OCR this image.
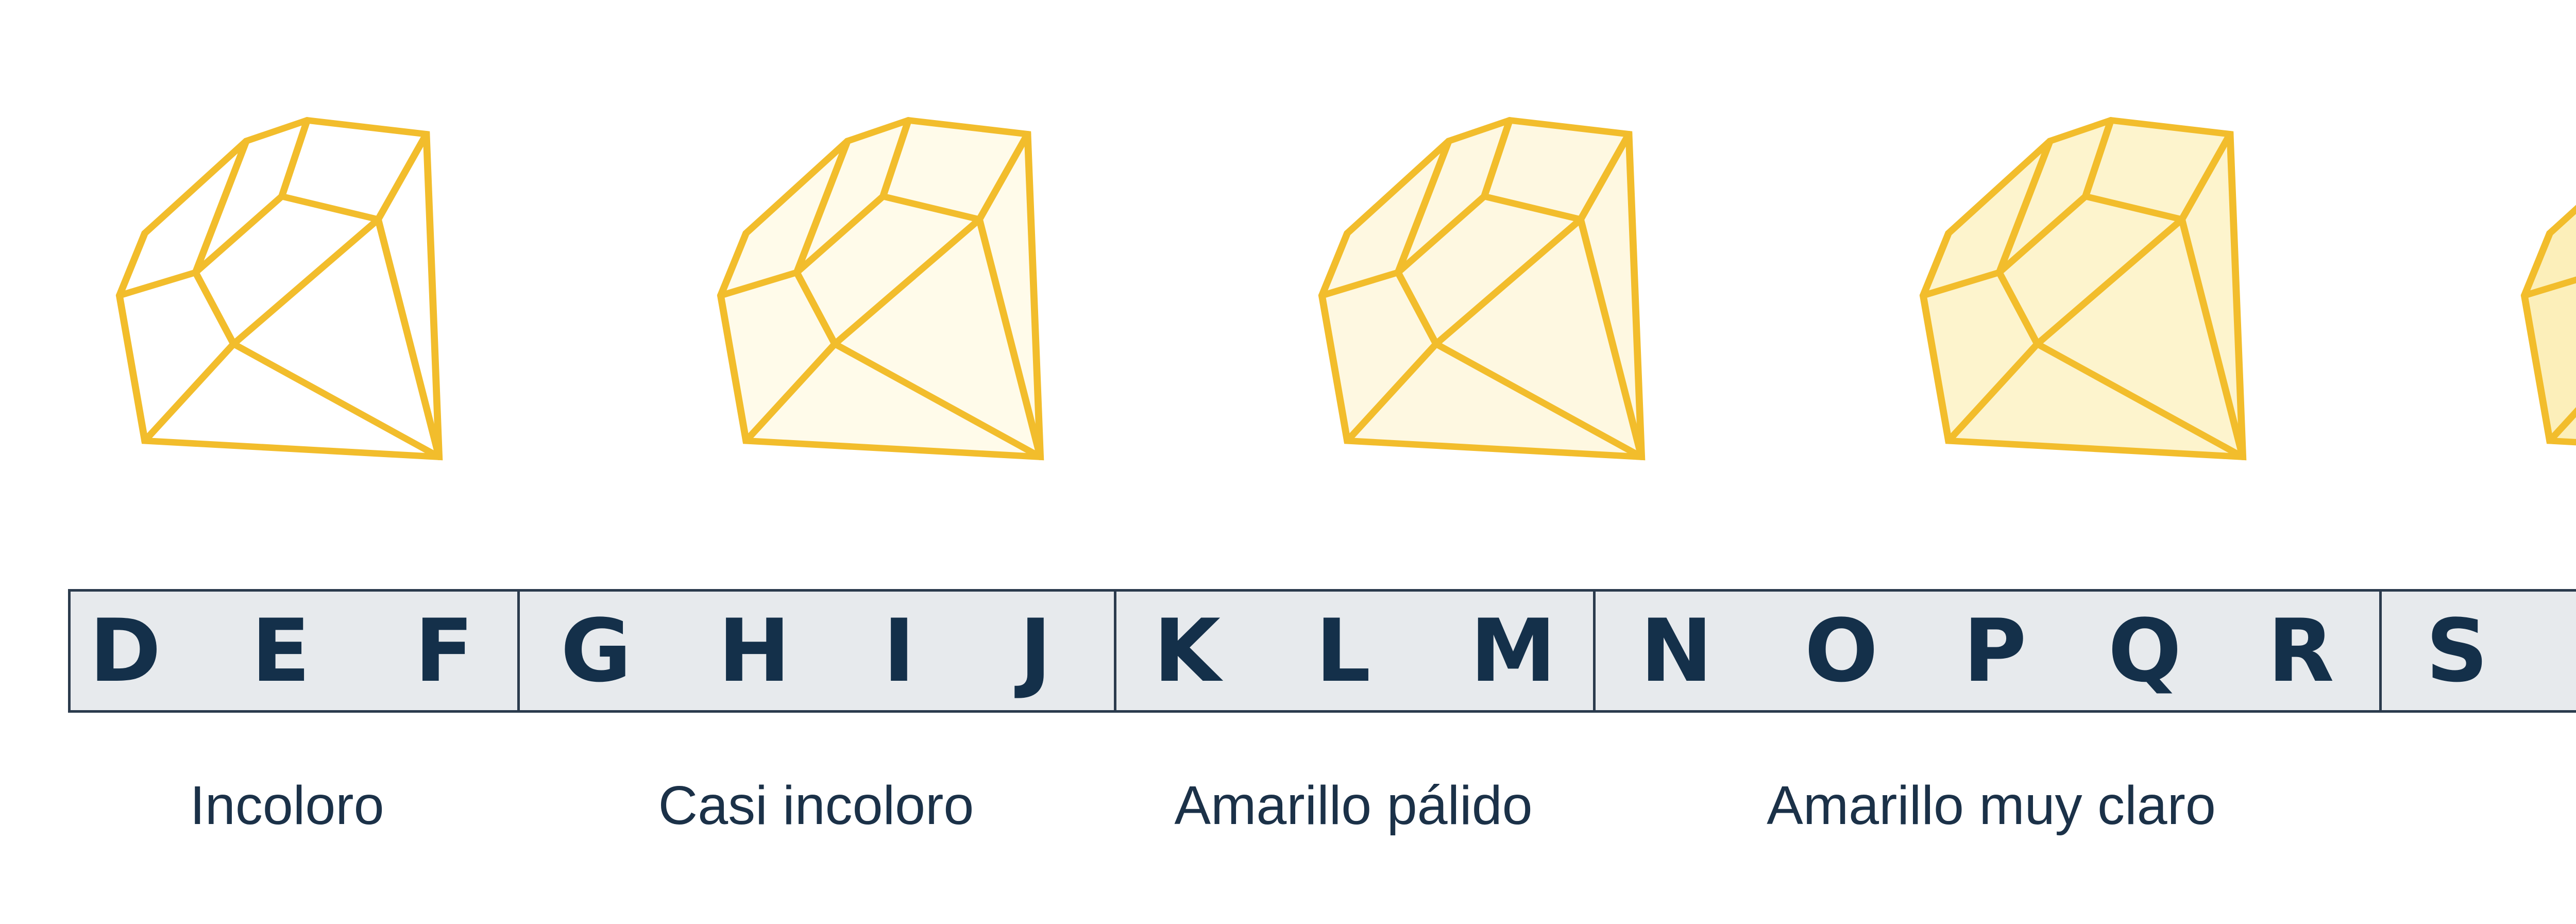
D E F G H I J K L M N O P Q R S
Incoloro	Casi incoloro	Amarillo pálido	Amarillo muy claro
